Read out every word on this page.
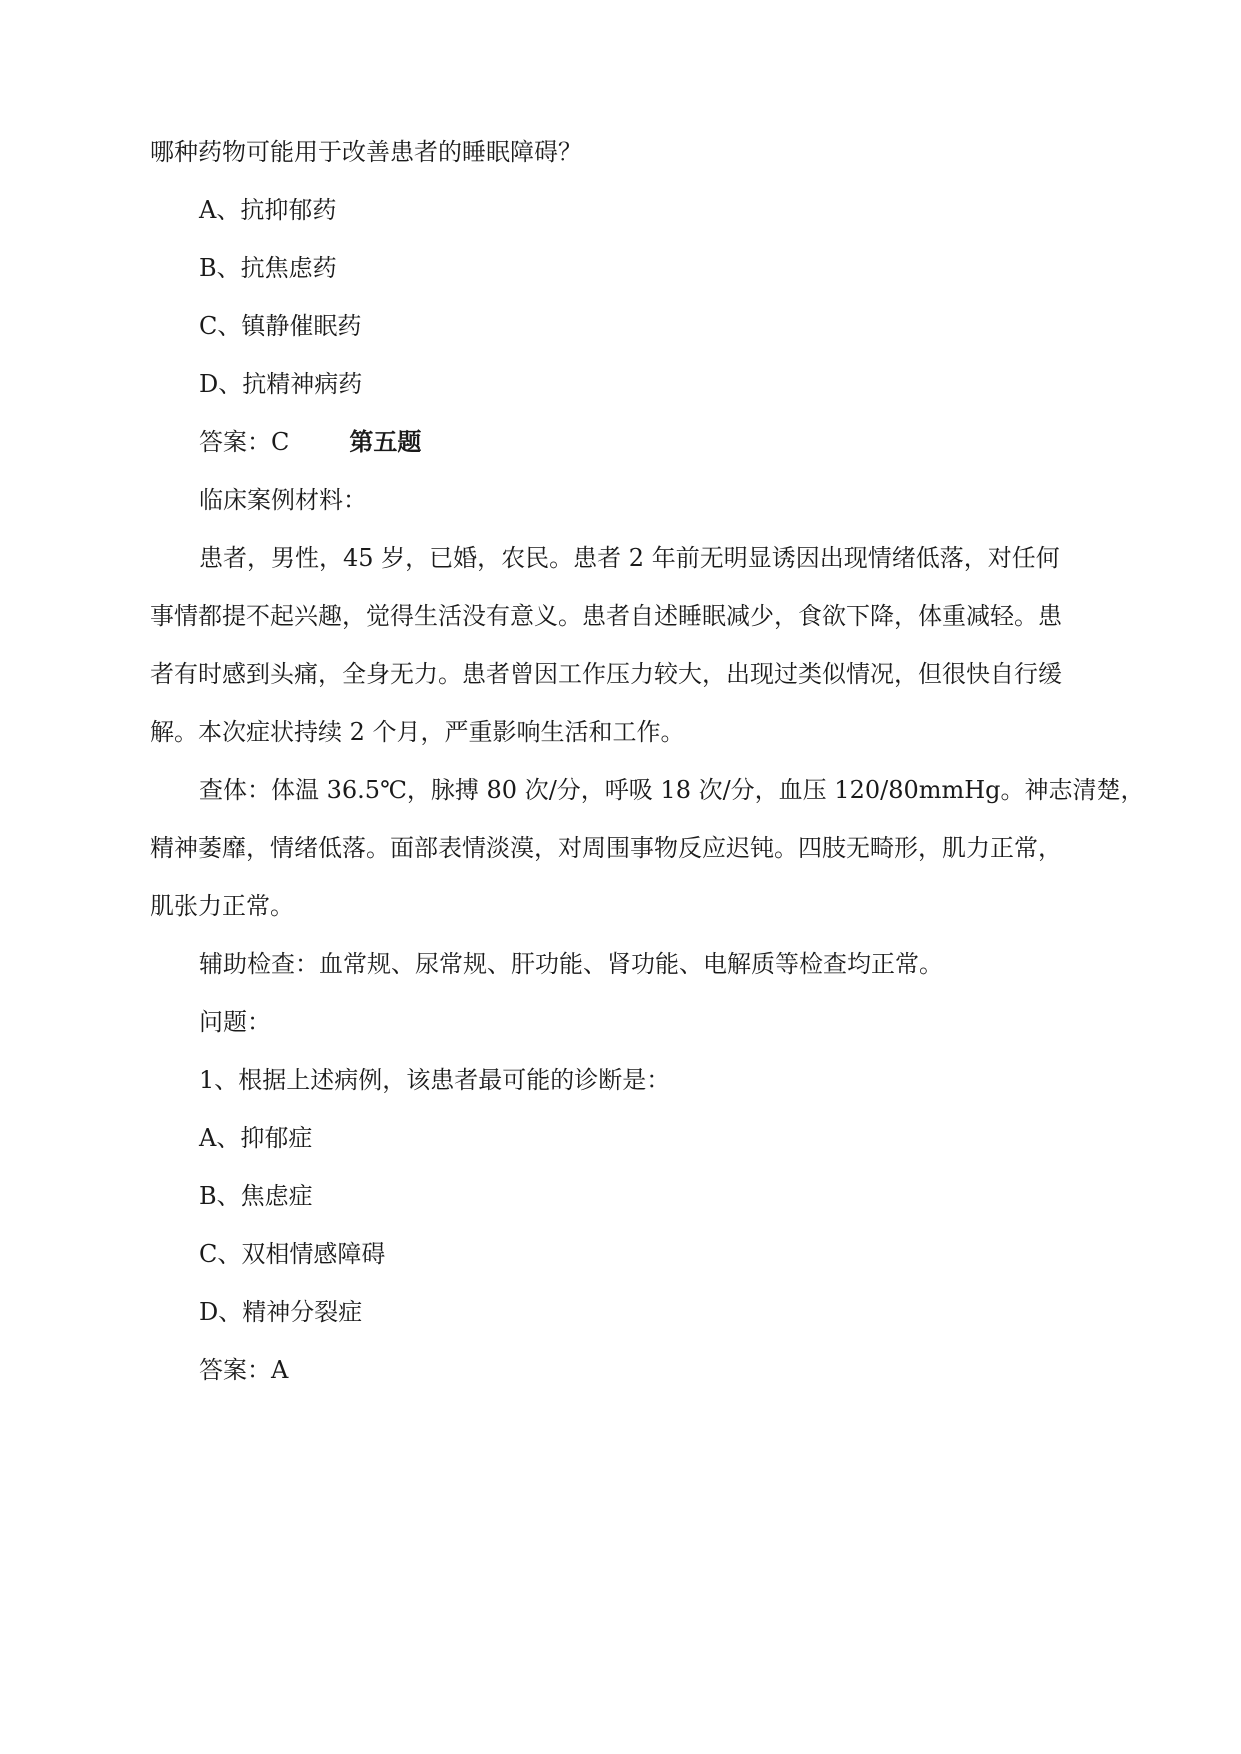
哪种药物可能用于改善患者的睡眠障碍？
A、抗抑郁药
B、抗焦虑药
C、镇静催眠药
D、抗精神病药
答案：C	第五题
临床案例材料：
患者，男性，45 岁，已婚，农民。患者 2 年前无明显诱因出现情绪低落，对任何
事情都提不起兴趣，觉得生活没有意义。患者自述睡眠减少，食欲下降，体重减轻。患
者有时感到头痛，全身无力。患者曾因工作压力较大，出现过类似情况，但很快自行缓
解。本次症状持续 2 个月，严重影响生活和工作。
查体：体温 36.5℃，脉搏 80 次/分，呼吸 18 次/分，血压 120/80mmHg。神志清楚，
精神萎靡，情绪低落。面部表情淡漠，对周围事物反应迟钝。四肢无畸形，肌力正常，
肌张力正常。
辅助检查：血常规、尿常规、肝功能、肾功能、电解质等检查均正常。
问题：
1、根据上述病例，该患者最可能的诊断是：
A、抑郁症
B、焦虑症
C、双相情感障碍
D、精神分裂症
答案：A
